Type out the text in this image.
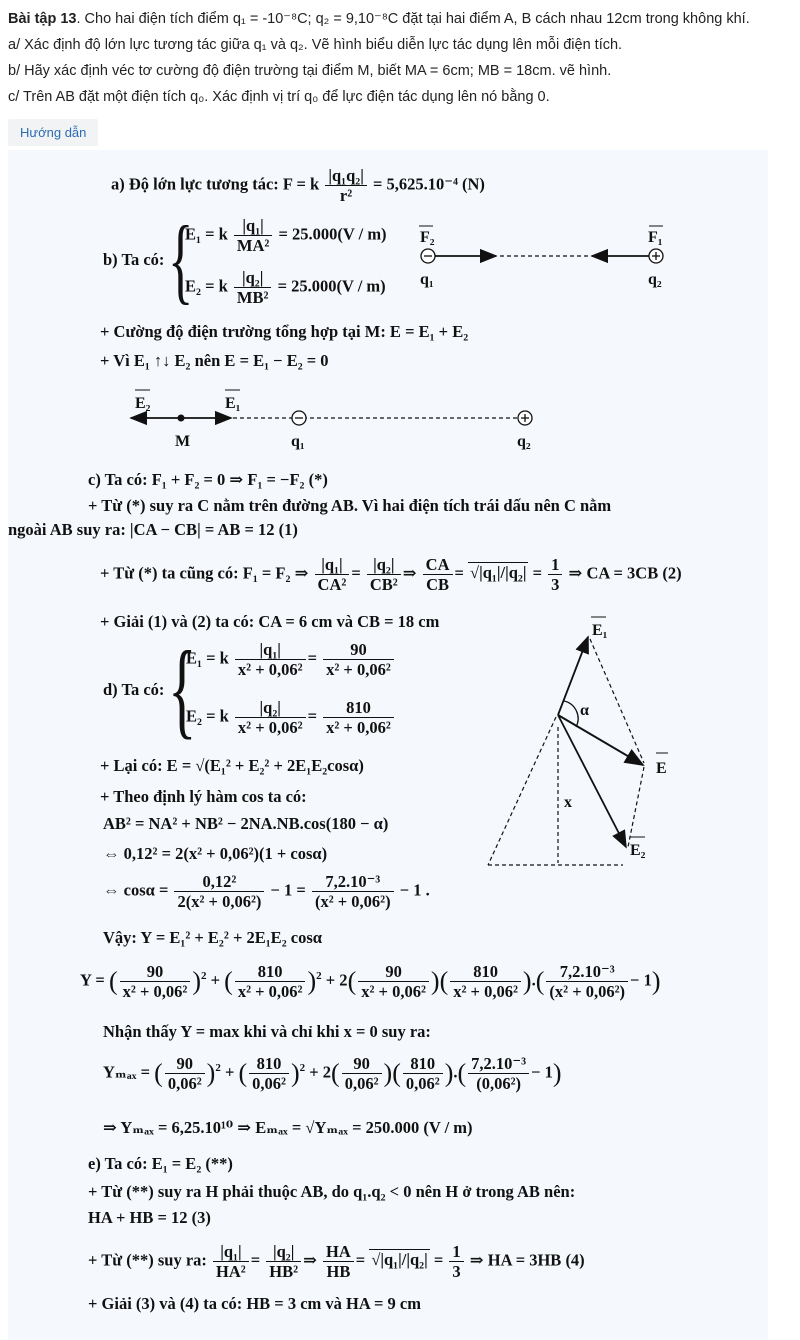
Bài tập 13. Cho hai điện tích điểm q₁ = -10⁻⁸C; q₂ = 9,10⁻⁸C đặt tại hai điểm A, B cách nhau 12cm trong không khí.

a/ Xác định độ lớn lực tương tác giữa q₁ và q₂. Vẽ hình biểu diễn lực tác dụng lên mỗi điện tích.

b/ Hãy xác định véc tơ cường độ điện trường tại điểm M, biết MA = 6cm; MB = 18cm. vẽ hình.

c/ Trên AB đặt một điện tích q₀. Xác định vị trí q₀ để lực điện tác dụng lên nó bằng 0.

Hướng dẫn
a) Độ lớn lực tương tác: F = k $\frac{\text{|q₁q₂|}}{\text{r²}} = 5,625.10^{-4}$ (N)
b) Ta có: {
E₁ = k $\frac{\text{|q₁|}}{\text{MA²}} = 25.000(V / m)$
E₂ = k $\frac{\text{|q₂|}}{\text{MB²}} = 25.000(V / m)$
F₂	F₁
q₁	q₂
+ Cường độ điện trường tổng hợp tại M: E = E₁ + E₂
+ Vì E₁ ↑↓ E₂ nên E = E₁ − E₂ = 0
E₂	E₁
M	q₁	q₂
c) Ta có: F₁ + F₂ = 0 ⇒ F₁ = −F₂ (*)
+ Từ (*) suy ra C nằm trên đường AB. Vì hai điện tích trái dấu nên C nằm
ngoài AB suy ra: |CA − CB| = AB = 12 (1)
+ Từ (*) ta cũng có: F₁ = F₂ ⇒ $\frac{\text{|q₁|}}{\text{CA²}} = \frac{\text{|q₂|}}{\text{CB²}}$ ⇒ $\frac{CA}{CB} = √|q_1|/|q_2| = \frac{1}{3}$ ⇒ CA = 3CB (2)
+ Giải (1) và (2) ta có: CA = 6 cm và CB = 18 cm
d) Ta có: {
E₁ = k $\frac{\text{|q₁|}}{\text{x² + 0,06²}} = \frac{90}{\text{x² + 0,06²}}$
E₂ = k $\frac{\text{|q₂|}}{\text{x² + 0,06²}} = \frac{810}{\text{x² + 0,06²}}$
+ Lại có: E = √(E₁² + E₂² + 2E₁E₂cosα)
+ Theo định lý hàm cos ta có:
AB² = NA² + NB² − 2NA.NB.cos(180 − α)
⇔ 0,12² = 2(x² + 0,06²)(1 + cosα)
⇔ $\cos\alpha = \frac{\text{0,12²}}{\text{2(x² + 0,06²)}} - 1 = \frac{\text{7,2.10⁻³}}{\text{(x² + 0,06²)}} - 1$ .
E₁
E
E₂
α
x
Vậy: Y = E₁² + E₂² + 2E₁E₂ cosα
Y = ( $\frac{90}{\text{x² + 0,06²}} )^2$ + ( $\frac{810}{\text{x² + 0,06²}} )^2 + 2( \frac{90}{\text{x² + 0,06²}}$ )( $\frac{810}{\text{x² + 0,06²}}$ ).( $\frac{\text{7,2.10⁻³}}{\text{(x² + 0,06²)}} - 1$)
Nhận thấy Y = max khi và chỉ khi x = 0 suy ra:
Yₘₐₓ = ( $\frac{90}{\text{0,06²}} )^2$ + ( $\frac{810}{\text{0,06²}} )^2 + 2( \frac{90}{\text{0,06²}}$ )( $\frac{810}{\text{0,06²}}$ ).( $\frac{\text{7,2.10⁻³}}{\text{(0,06²)}} - 1$)
⇒ Yₘₐₓ = 6,25.10¹⁰ ⇒ Eₘₐₓ = √Yₘₐₓ = 250.000 (V / m)
e) Ta có: E₁ = E₂ (**)
+ Từ (**) suy ra H phải thuộc AB, do q₁.q₂ < 0 nên H ở trong AB nên:
HA + HB = 12 (3)
+ Từ (**) suy ra: $\frac{\text{|q₁|}}{\text{HA²}} = \frac{\text{|q₂|}}{\text{HB²}}$ ⇒ $\frac{HA}{HB} = √|q_1|/|q_2| = \frac{1}{3}$ ⇒ HA = 3HB (4)
+ Giải (3) và (4) ta có: HB = 3 cm và HA = 9 cm
